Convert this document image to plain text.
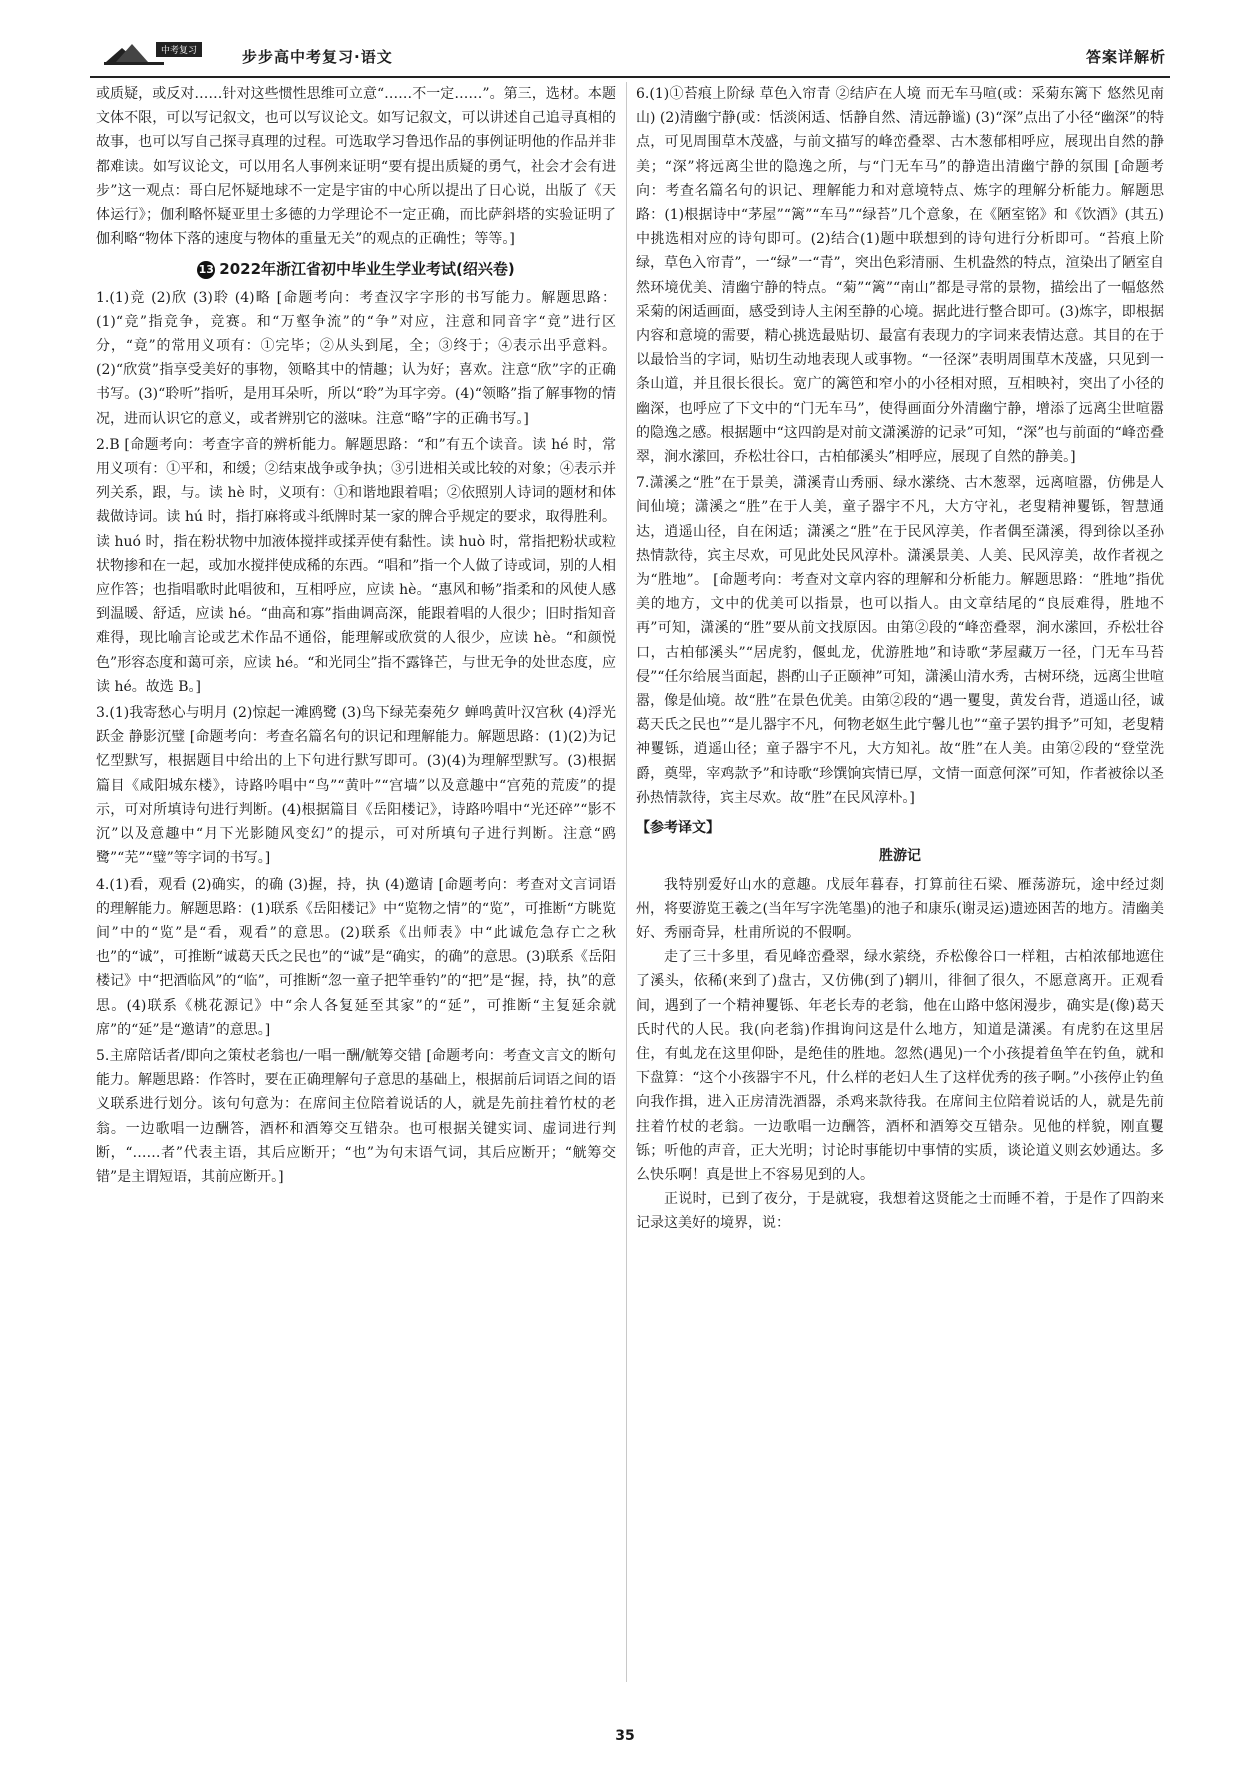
中考复习	步步高中考复习·语文	答案详解析

或质疑，或反对……针对这些惯性思维可立意“……不一定……”。第三，选材。本题文体不限，可以写记叙文，也可以写议论文。如写记叙文，可以讲述自己追寻真相的故事，也可以写自己探寻真理的过程。可选取学习鲁迅作品的事例证明他的作品并非都难读。如写议论文，可以用名人事例来证明“要有提出质疑的勇气，社会才会有进步”这一观点：哥白尼怀疑地球不一定是宇宙的中心所以提出了日心说，出版了《天体运行》；伽利略怀疑亚里士多德的力学理论不一定正确，而比萨斜塔的实验证明了伽利略“物体下落的速度与物体的重量无关”的观点的正确性；等等。]

13 2022年浙江省初中毕业生学业考试(绍兴卷)

1.(1)竞 (2)欣 (3)聆 (4)略 [命题考向：考查汉字字形的书写能力。解题思路：(1)“竞”指竞争，竞赛。和“万壑争流”的“争”对应，注意和同音字“竟”进行区分，“竟”的常用义项有：①完毕；②从头到尾，全；③终于；④表示出乎意料。(2)“欣赏”指享受美好的事物，领略其中的情趣；认为好；喜欢。注意“欣”字的正确书写。(3)“聆听”指听，是用耳朵听，所以“聆”为耳字旁。(4)“领略”指了解事物的情况，进而认识它的意义，或者辨别它的滋味。注意“略”字的正确书写。]

2.B [命题考向：考查字音的辨析能力。解题思路：“和”有五个读音。读 hé 时，常用义项有：①平和，和缓；②结束战争或争执；③引进相关或比较的对象；④表示并列关系，跟，与。读 hè 时，义项有：①和谐地跟着唱；②依照别人诗词的题材和体裁做诗词。读 hú 时，指打麻将或斗纸牌时某一家的牌合乎规定的要求，取得胜利。读 huó 时，指在粉状物中加液体搅拌或揉弄使有黏性。读 huò 时，常指把粉状或粒状物掺和在一起，或加水搅拌使成稀的东西。“唱和”指一个人做了诗或词，别的人相应作答；也指唱歌时此唱彼和，互相呼应，应读 hè。“惠风和畅”指柔和的风使人感到温暖、舒适，应读 hé。“曲高和寡”指曲调高深，能跟着唱的人很少；旧时指知音难得，现比喻言论或艺术作品不通俗，能理解或欣赏的人很少，应读 hè。“和颜悦色”形容态度和蔼可亲，应读 hé。“和光同尘”指不露锋芒，与世无争的处世态度，应读 hé。故选 B。]

3.(1)我寄愁心与明月 (2)惊起一滩鸥鹭 (3)鸟下绿芜秦苑夕 蝉鸣黄叶汉宫秋 (4)浮光跃金 静影沉璧 [命题考向：考查名篇名句的识记和理解能力。解题思路：(1)(2)为记忆型默写，根据题目中给出的上下句进行默写即可。(3)(4)为理解型默写。(3)根据篇目《咸阳城东楼》，诗路吟唱中“鸟”“黄叶”“宫墙”以及意趣中“宫苑的荒废”的提示，可对所填诗句进行判断。(4)根据篇目《岳阳楼记》，诗路吟唱中“光还碎”“影不沉”以及意趣中“月下光影随风变幻”的提示，可对所填句子进行判断。注意“鸥鹭”“芜”“璧”等字词的书写。]

4.(1)看，观看 (2)确实，的确 (3)握，持，执 (4)邀请 [命题考向：考查对文言词语的理解能力。解题思路：(1)联系《岳阳楼记》中“览物之情”的“览”，可推断“方眺览间”中的“览”是“看，观看”的意思。(2)联系《出师表》中“此诚危急存亡之秋也”的“诚”，可推断“诚葛天氏之民也”的“诚”是“确实，的确”的意思。(3)联系《岳阳楼记》中“把酒临风”的“临”，可推断“忽一童子把竿垂钓”的“把”是“握，持，执”的意思。(4)联系《桃花源记》中“余人各复延至其家”的“延”，可推断“主复延余就席”的“延”是“邀请”的意思。]

5.主席陪话者/即向之策杖老翁也/一唱一酬/觥筹交错 [命题考向：考查文言文的断句能力。解题思路：作答时，要在正确理解句子意思的基础上，根据前后词语之间的语义联系进行划分。该句句意为：在席间主位陪着说话的人，就是先前拄着竹杖的老翁。一边歌唱一边酬答，酒杯和酒筹交互错杂。也可根据关键实词、虚词进行判断，“……者”代表主语，其后应断开；“也”为句末语气词，其后应断开；“觥筹交错”是主谓短语，其前应断开。]

6.(1)①苔痕上阶绿 草色入帘青 ②结庐在人境 而无车马喧(或：采菊东篱下 悠然见南山) (2)清幽宁静(或：恬淡闲适、恬静自然、清远静谧) (3)“深”点出了小径“幽深”的特点，可见周围草木茂盛，与前文描写的峰峦叠翠、古木葱郁相呼应，展现出自然的静美；“深”将远离尘世的隐逸之所，与“门无车马”的静造出清幽宁静的氛围 [命题考向：考查名篇名句的识记、理解能力和对意境特点、炼字的理解分析能力。解题思路：(1)根据诗中“茅屋”“篱”“车马”“绿苔”几个意象，在《陋室铭》和《饮酒》(其五)中挑选相对应的诗句即可。(2)结合(1)题中联想到的诗句进行分析即可。“苔痕上阶绿，草色入帘青”，一“绿”一“青”，突出色彩清丽、生机盎然的特点，渲染出了陋室自然环境优美、清幽宁静的特点。“菊”“篱”“南山”都是寻常的景物，描绘出了一幅悠然采菊的闲适画面，感受到诗人主闲至静的心境。据此进行整合即可。(3)炼字，即根据内容和意境的需要，精心挑选最贴切、最富有表现力的字词来表情达意。其目的在于以最恰当的字词，贴切生动地表现人或事物。“一径深”表明周围草木茂盛，只见到一条山道，并且很长很长。宽广的篱笆和窄小的小径相对照，互相映衬，突出了小径的幽深，也呼应了下文中的“门无车马”，使得画面分外清幽宁静，增添了远离尘世喧嚣的隐逸之感。根据题中“这四韵是对前文潇溪游的记录”可知，“深”也与前面的“峰峦叠翠，涧水潆回，乔松壮谷口，古柏郁溪头”相呼应，展现了自然的静美。]

7.潇溪之“胜”在于景美，潇溪青山秀丽、绿水潆绕、古木葱翠，远离喧嚣，仿佛是人间仙境；潇溪之“胜”在于人美，童子器宇不凡，大方守礼，老叟精神矍铄，智慧通达，逍遥山径，自在闲适；潇溪之“胜”在于民风淳美，作者偶至潇溪，得到徐以圣孙热情款待，宾主尽欢，可见此处民风淳朴。潇溪景美、人美、民风淳美，故作者视之为“胜地”。 [命题考向：考查对文章内容的理解和分析能力。解题思路：“胜地”指优美的地方，文中的优美可以指景，也可以指人。由文章结尾的“良辰难得，胜地不再”可知，潇溪的“胜”要从前文找原因。由第②段的“峰峦叠翠，涧水潆回，乔松壮谷口，古柏郁溪头”“居虎豹，偃虬龙，优游胜地”和诗歌“茅屋藏万一径，门无车马苔侵”“任尔给展当面起，斟酌山子正颐神”可知，潇溪山清水秀，古树环绕，远离尘世喧嚣，像是仙境。故“胜”在景色优美。由第②段的“遇一矍叟，黄发台背，逍遥山径，诚葛天氏之民也”“是儿器宇不凡，何物老妪生此宁馨儿也”“童子罢钓揖予”可知，老叟精神矍铄，逍遥山径；童子器宇不凡，大方知礼。故“胜”在人美。由第②段的“登堂洗爵，奠斝，宰鸡款予”和诗歌“珍馔饷宾情已厚，文情一面意何深”可知，作者被徐以圣孙热情款待，宾主尽欢。故“胜”在民风淳朴。]

【参考译文】
胜游记

我特别爱好山水的意趣。戊辰年暮春，打算前往石梁、雁荡游玩，途中经过剡州，将要游览王羲之(当年写字洗笔墨)的池子和康乐(谢灵运)遗迹困苦的地方。清幽美好、秀丽奇异，杜甫所说的不假啊。

走了三十多里，看见峰峦叠翠，绿水萦绕，乔松像谷口一样粗，古柏浓郁地遮住了溪头，依稀(来到了)盘古，又仿佛(到了)辋川，徘徊了很久，不愿意离开。正观看间，遇到了一个精神矍铄、年老长寿的老翁，他在山路中悠闲漫步，确实是(像)葛天氏时代的人民。我(向老翁)作揖询问这是什么地方，知道是潇溪。有虎豹在这里居住，有虬龙在这里仰卧，是绝佳的胜地。忽然(遇见)一个小孩提着鱼竿在钓鱼，就和下盘算：“这个小孩器宇不凡，什么样的老妇人生了这样优秀的孩子啊。”小孩停止钓鱼向我作揖，进入正房清洗酒器，杀鸡来款待我。在席间主位陪着说话的人，就是先前拄着竹杖的老翁。一边歌唱一边酬答，酒杯和酒筹交互错杂。见他的样貌，刚直矍铄；听他的声音，正大光明；讨论时事能切中事情的实质，谈论道义则玄妙通达。多么快乐啊！真是世上不容易见到的人。

正说时，已到了夜分，于是就寝，我想着这贤能之士而睡不着，于是作了四韵来记录这美好的境界，说：

35
